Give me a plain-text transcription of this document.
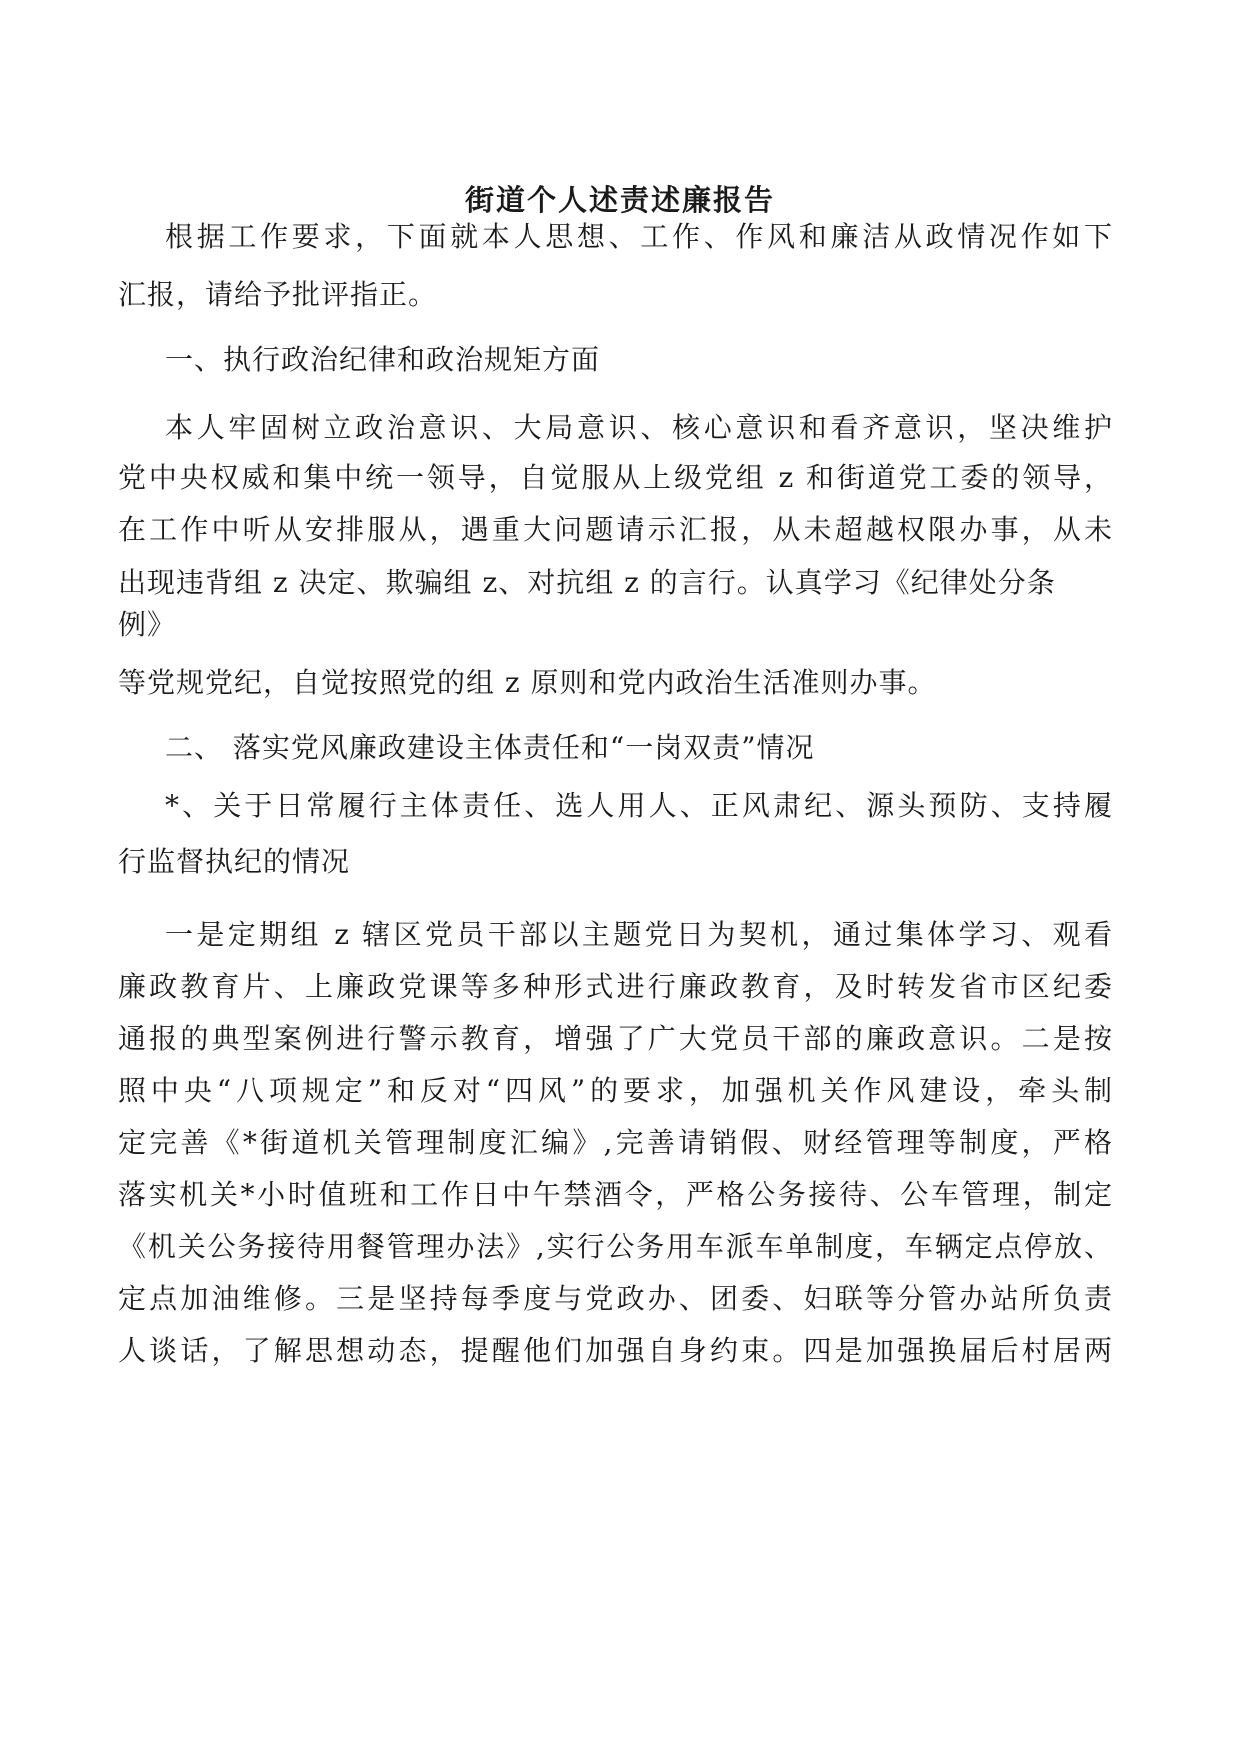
街道个人述责述廉报告
根据工作要求，下面就本人思想、工作、作风和廉洁从政情况作如下
汇报，请给予批评指正。
一、执行政治纪律和政治规矩方面
本人牢固树立政治意识、大局意识、核心意识和看齐意识，坚决维护
党中央权威和集中统一领导，自觉服从上级党组 z 和街道党工委的领导，
在工作中听从安排服从，遇重大问题请示汇报，从未超越权限办事，从未
出现违背组 z 决定、欺骗组 z、对抗组 z 的言行。认真学习《纪律处分条
例》
等党规党纪，自觉按照党的组 z 原则和党内政治生活准则办事。
二、 落实党风廉政建设主体责任和“一岗双责”情况
*、关于日常履行主体责任、选人用人、正风肃纪、源头预防、支持履
行监督执纪的情况
一是定期组 z 辖区党员干部以主题党日为契机，通过集体学习、观看
廉政教育片、上廉政党课等多种形式进行廉政教育，及时转发省市区纪委
通报的典型案例进行警示教育，增强了广大党员干部的廉政意识。二是按
照中央“八项规定”和反对“四风”的要求，加强机关作风建设，牵头制
定完善《*街道机关管理制度汇编》,完善请销假、财经管理等制度，严格
落实机关*小时值班和工作日中午禁酒令，严格公务接待、公车管理，制定
《机关公务接待用餐管理办法》,实行公务用车派车单制度，车辆定点停放、
定点加油维修。三是坚持每季度与党政办、团委、妇联等分管办站所负责
人谈话，了解思想动态，提醒他们加强自身约束。四是加强换届后村居两
